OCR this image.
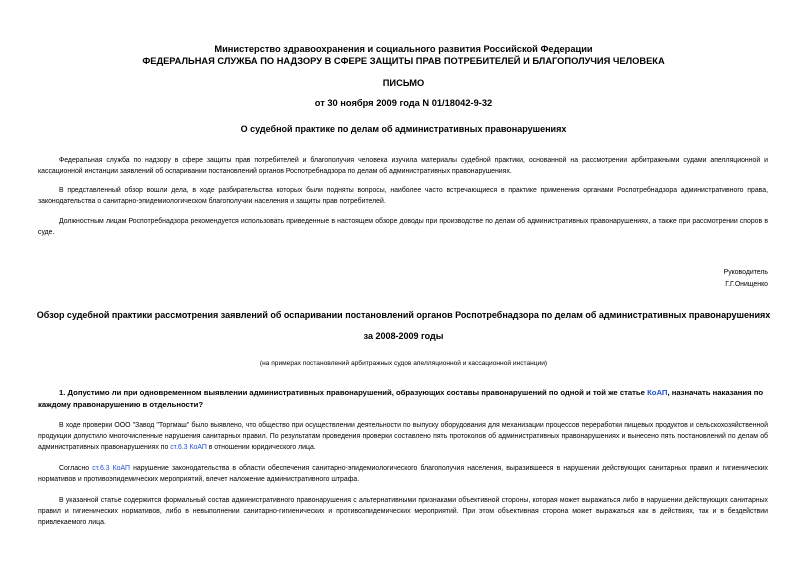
Министерство здравоохранения и социального развития Российской Федерации
ФЕДЕРАЛЬНАЯ СЛУЖБА ПО НАДЗОРУ В СФЕРЕ ЗАЩИТЫ ПРАВ ПОТРЕБИТЕЛЕЙ И БЛАГОПОЛУЧИЯ ЧЕЛОВЕКА
ПИСЬМО
от 30 ноября 2009 года N 01/18042-9-32
О судебной практике по делам об административных правонарушениях

Федеральная служба по надзору в сфере защиты прав потребителей и благополучия человека изучила материалы судебной практики, основанной на рассмотрении арбитражными судами апелляционной и кассационной инстанции заявлений об оспаривании постановлений органов Роспотребнадзора по делам об административных правонарушениях.

В представленный обзор вошли дела, в ходе разбирательства которых были подняты вопросы, наиболее часто встречающиеся в практике применения органами Роспотребнадзора административного права, законодательства о санитарно-эпидемиологическом благополучии населения и защиты прав потребителей.

Должностным лицам Роспотребнадзора рекомендуется использовать приведенные в настоящем обзоре доводы при производстве по делам об административных правонарушениях, а также при рассмотрении споров в суде.

Руководитель
Г.Г.Онищенко
Обзор судебной практики рассмотрения заявлений об оспаривании постановлений органов Роспотребнадзора по делам об административных правонарушениях
за 2008-2009 годы
(на примерах постановлений арбитражных судов апелляционной и кассационной инстанции)

1. Допустимо ли при одновременном выявлении административных правонарушений, образующих составы правонарушений по одной и той же статье КоАП, назначать наказания по каждому правонарушению в отдельности?

В ходе проверки ООО "Завод "Торгмаш" было выявлено, что общество при осуществлении деятельности по выпуску оборудования для механизации процессов переработки пищевых продуктов и сельскохозяйственной продукции допустило многочисленные нарушения санитарных правил. По результатам проведения проверки составлено пять протоколов об административных правонарушениях и вынесено пять постановлений по делам об административных правонарушениях по ст.6.3 КоАП в отношении юридического лица.

Согласно ст.6.3 КоАП нарушение законодательства в области обеспечения санитарно-эпидемиологического благополучия населения, выразившееся в нарушении действующих санитарных правил и гигиенических нормативов и противоэпидемических мероприятий, влечет наложение административного штрафа.

В указанной статье содержится формальный состав административного правонарушения с альтернативными признаками объективной стороны, которая может выражаться либо в нарушении действующих санитарных правил и гигиенических нормативов, либо в невыполнении санитарно-гигиенических и противоэпидемических мероприятий. При этом объективная сторона может выражаться как в действиях, так и в бездействии привлекаемого лица.
